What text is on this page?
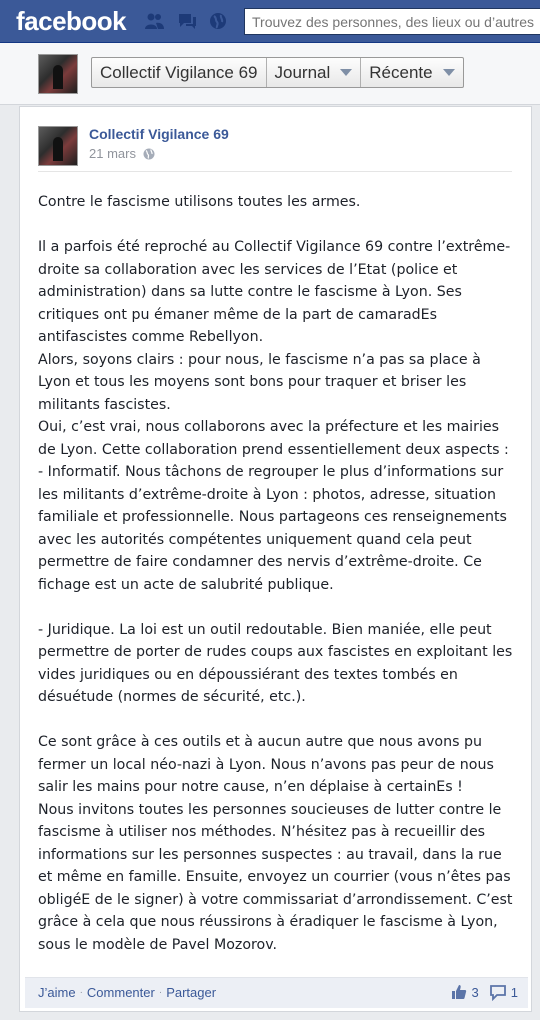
facebook
Trouvez des personnes, des lieux ou d’autres ch
Collectif Vigilance 69 Journal Récente
Collectif Vigilance 69
21 mars
Contre le fascisme utilisons toutes les armes.
Il a parfois été reproché au Collectif Vigilance 69 contre l’extrême-
droite sa collaboration avec les services de l’Etat (police et
administration) dans sa lutte contre le fascisme à Lyon. Ses
critiques ont pu émaner même de la part de camaradEs
antifascistes comme Rebellyon.
Alors, soyons clairs : pour nous, le fascisme n’a pas sa place à
Lyon et tous les moyens sont bons pour traquer et briser les
militants fascistes.
Oui, c’est vrai, nous collaborons avec la préfecture et les mairies
de Lyon. Cette collaboration prend essentiellement deux aspects :
- Informatif. Nous tâchons de regrouper le plus d’informations sur
les militants d’extrême-droite à Lyon : photos, adresse, situation
familiale et professionnelle. Nous partageons ces renseignements
avec les autorités compétentes uniquement quand cela peut
permettre de faire condamner des nervis d’extrême-droite. Ce
fichage est un acte de salubrité publique.
- Juridique. La loi est un outil redoutable. Bien maniée, elle peut
permettre de porter de rudes coups aux fascistes en exploitant les
vides juridiques ou en dépoussiérant des textes tombés en
désuétude (normes de sécurité, etc.).
Ce sont grâce à ces outils et à aucun autre que nous avons pu
fermer un local néo-nazi à Lyon. Nous n’avons pas peur de nous
salir les mains pour notre cause, n’en déplaise à certainEs !
Nous invitons toutes les personnes soucieuses de lutter contre le
fascisme à utiliser nos méthodes. N’hésitez pas à recueillir des
informations sur les personnes suspectes : au travail, dans la rue
et même en famille. Ensuite, envoyez un courrier (vous n’êtes pas
obligéE de le signer) à votre commissariat d’arrondissement. C’est
grâce à cela que nous réussirons à éradiquer le fascisme à Lyon,
sous le modèle de Pavel Mozorov.
J’aime · Commenter · Partager	3 1
